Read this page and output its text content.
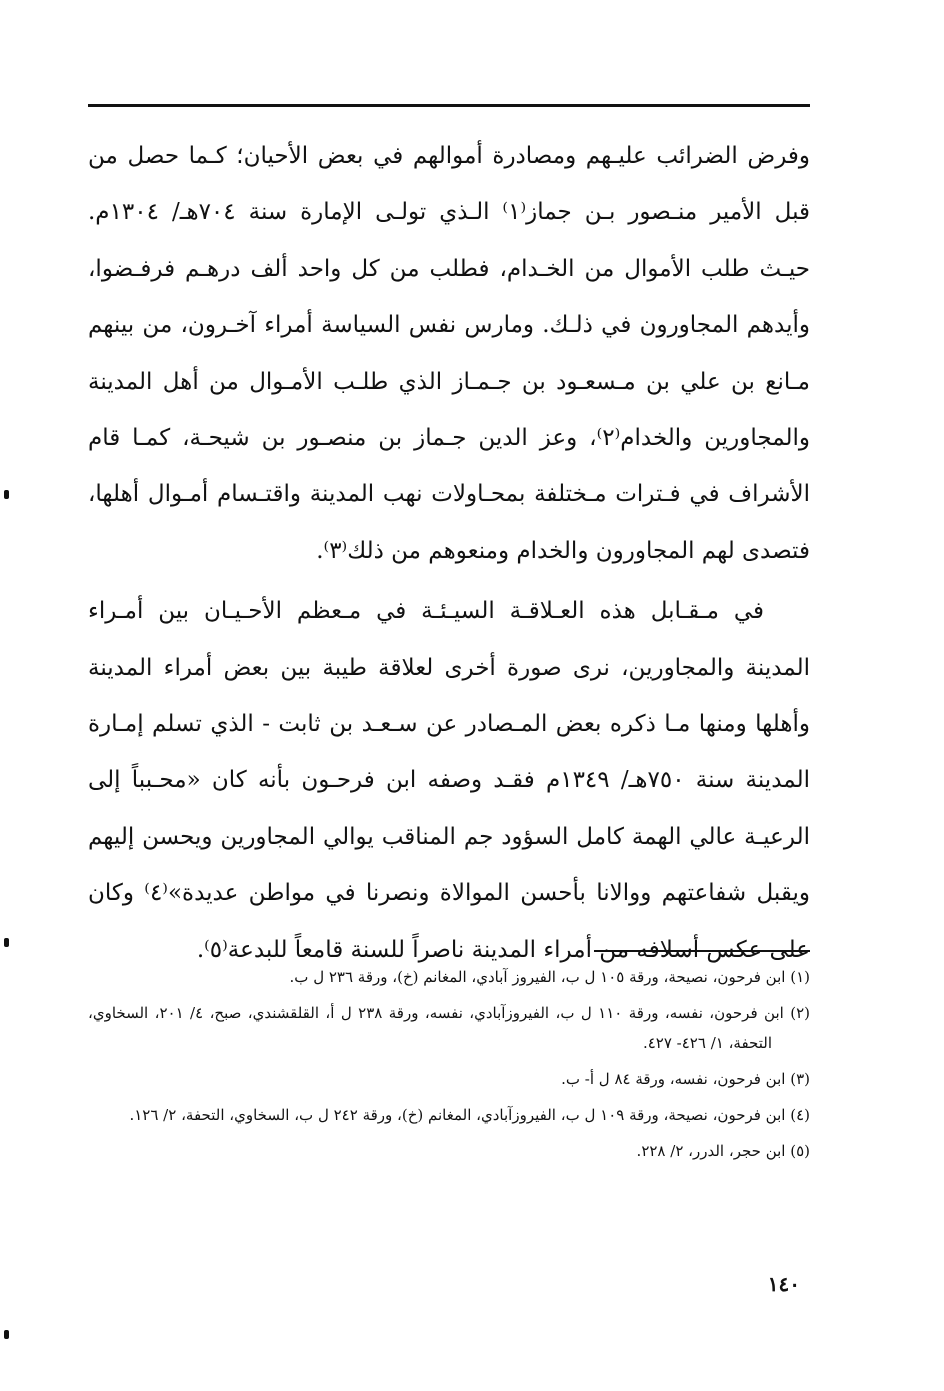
وفرض الضرائب عليـهم ومصادرة أموالهم في بعض الأحيان؛ كـما حصل من قبل الأمير منـصور بـن جماز⁽١⁾ الـذي تولـى الإمارة سنة ٧٠٤هـ/ ١٣٠٤م. حيـث طلب الأموال من الخـدام، فطلب من كل واحد ألف درهـم فرفـضوا، وأيدهم المجاورون في ذلـك. ومارس نفس السياسة أمراء آخـرون، من بينهم مـانع بن علي بن مـسعـود بن جـمـاز الذي طلـب الأمـوال من أهل المدينة والمجاورين والخدام⁽٢⁾، وعز الدين جـماز بن منصـور بن شيحـة، كمـا قام الأشراف في فـترات مـختلفة بمحـاولات نهب المدينة واقتـسام أمـوال أهلها، فتصدى لهم المجاورون والخدام ومنعوهم من ذلك⁽٣⁾.

في مـقـابل هذه العـلاقـة السيـئـة في مـعظم الأحـيـان بين أمـراء المدينة والمجاورين، نرى صورة أخرى لعلاقة طيبة بين بعض أمراء المدينة وأهلها ومنها مـا ذكره بعض المـصادر عن سـعـد بن ثابت - الذي تسلم إمـارة المدينة سنة ٧٥٠هـ/ ١٣٤٩م فقـد وصفه ابن فرحـون بأنه كان «محـبباً إلى الرعيـة عالي الهمة كامل السؤود جم المناقب يوالي المجاورين ويحسن إليهم ويقبل شفاعتهم ووالانا بأحسن الموالاة ونصرنا في مواطن عديدة»⁽٤⁾ وكان على عكس أسلافه من أمراء المدينة ناصراً للسنة قامعاً للبدعة⁽٥⁾.

(١) ابن فرحون، نصيحة، ورقة ١٠٥ ل ب، الفيروز آبادي، المغانم (خ)، ورقة ٢٣٦ ل ب.

(٢) ابن فرحون، نفسه، ورقة ١١٠ ل ب، الفيروزآبادي، نفسه، ورقة ٢٣٨ ل أ، القلقشندي، صبح، ٤/ ٢٠١، السخاوي، التحفة، ١/ ٤٢٦- ٤٢٧.

(٣) ابن فرحون، نفسه، ورقة ٨٤ ل أ- ب.

(٤) ابن فرحون، نصيحة، ورقة ١٠٩ ل ب، الفيروزآبادي، المغانم (خ)، ورقة ٢٤٢ ل ب، السخاوي، التحفة، ٢/ ١٢٦.

(٥) ابن حجر، الدرر، ٢/ ٢٢٨.

١٤٠
